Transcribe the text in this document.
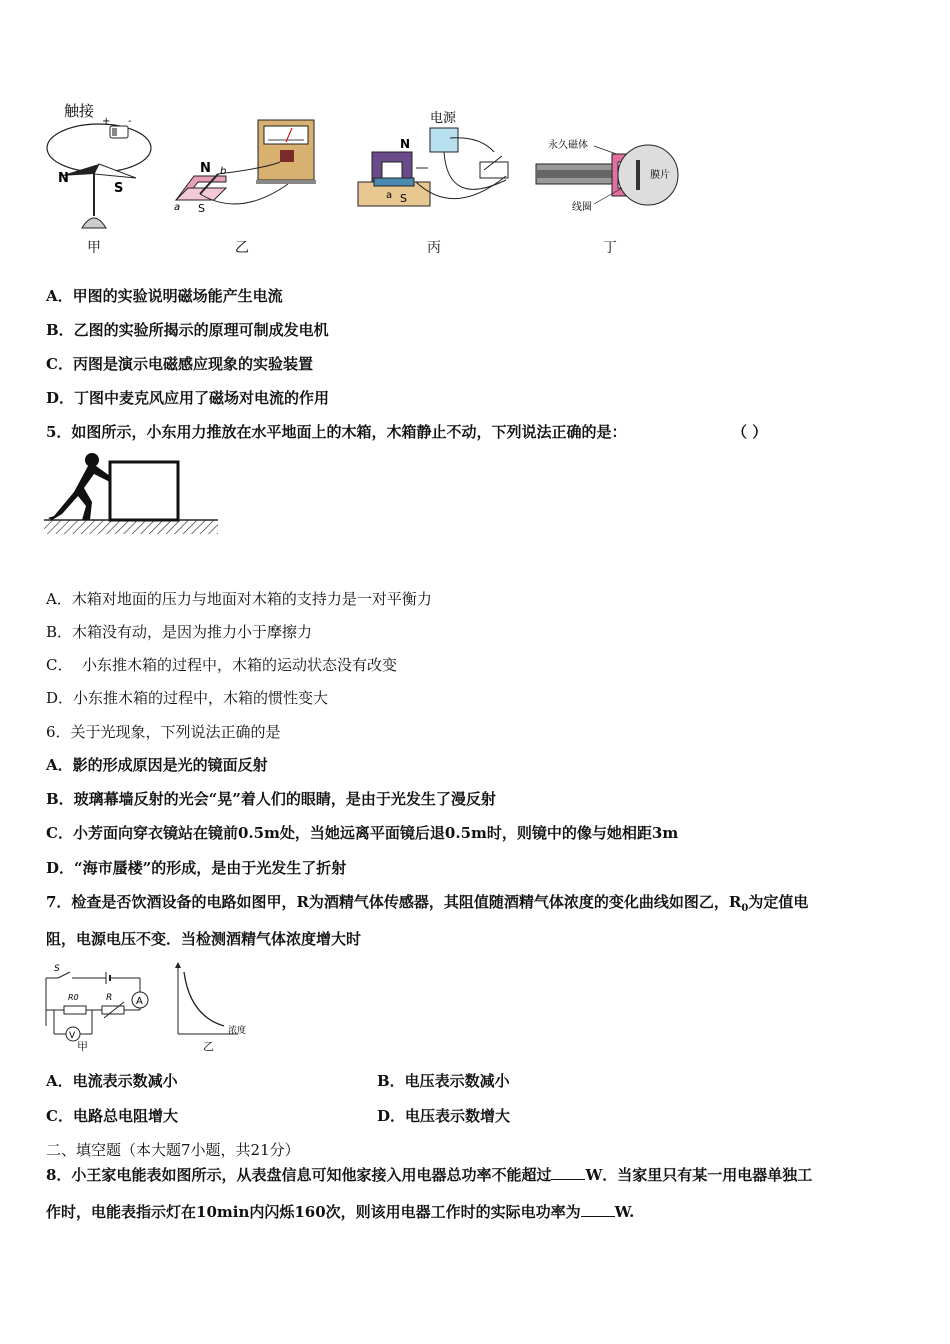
触接
+ -
N
S
甲
N b
a S
乙
电源
N
a S
丙
永久磁体
膜片
线圈
丁
A．甲图的实验说明磁场能产生电流
B．乙图的实验所揭示的原理可制成发电机
C．丙图是演示电磁感应现象的实验装置
D．丁图中麦克风应用了磁场对电流的作用
5．如图所示，小东用力推放在水平地面上的木箱，木箱静止不动，下列说法正确的是：	（ ）
A．木箱对地面的压力与地面对木箱的支持力是一对平衡力
B．木箱没有动，是因为推力小于摩擦力
C．  小东推木箱的过程中，木箱的运动状态没有改变
D．小东推木箱的过程中，木箱的惯性变大
6．关于光现象，下列说法正确的是
A．影的形成原因是光的镜面反射
B．玻璃幕墙反射的光会“晃”着人们的眼睛，是由于光发生了漫反射
C．小芳面向穿衣镜站在镜前0.5m处，当她远离平面镜后退0.5m时，则镜中的像与她相距3m
D．“海市蜃楼”的形成，是由于光发生了折射
7．检查是否饮酒设备的电路如图甲，R为酒精气体传感器，其阻值随酒精气体浓度的变化曲线如图乙，$R_0$为定值电
阻，电源电压不变．当检测酒精气体浓度增大时
S
A
R0	R
V
甲
浓度
乙
A．电流表示数减小	B．电压表示数减小
C．电路总电阻增大	D．电压表示数增大
二、填空题（本大题7小题，共21分）
8．小王家电能表如图所示，从表盘信息可知他家接入用电器总功率不能超过 W．当家里只有某一用电器单独工
作时，电能表指示灯在10min内闪烁160次，则该用电器工作时的实际电功率为 W.
